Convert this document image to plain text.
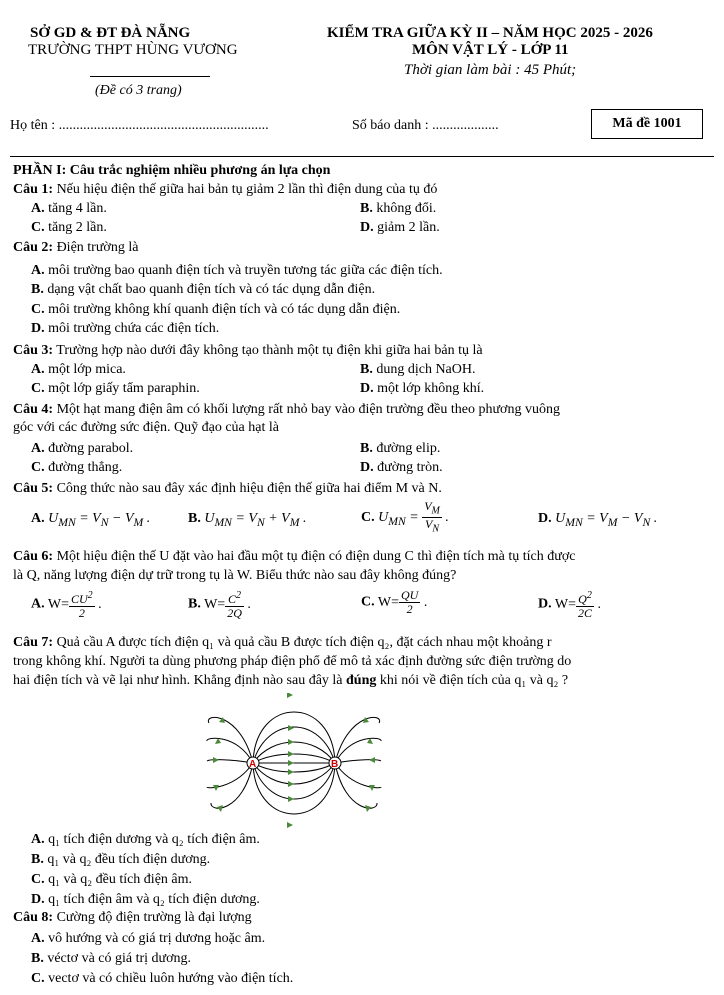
SỞ GD & ĐT ĐÀ NẴNG
TRƯỜNG THPT HÙNG VƯƠNG
(Đề có 3 trang)
KIỂM TRA GIỮA KỲ II – NĂM HỌC 2025 - 2026
MÔN VẬT LÝ - LỚP 11
Thời gian làm bài : 45 Phút;
Họ tên : ............................................................	Số báo danh : ...................	Mã đề 1001
PHẦN I: Câu trắc nghiệm nhiều phương án lựa chọn
Câu 1: Nếu hiệu điện thế giữa hai bản tụ giảm 2 lần thì điện dung của tụ đó
A. tăng 4 lần.	B. không đổi.
C. tăng 2 lần.	D. giảm 2 lần.
Câu 2: Điện trường là
A. môi trường bao quanh điện tích và truyền tương tác giữa các điện tích.
B. dạng vật chất bao quanh điện tích và có tác dụng dẫn điện.
C. môi trường không khí quanh điện tích và có tác dụng dẫn điện.
D. môi trường chứa các điện tích.
Câu 3: Trường hợp nào dưới đây không tạo thành một tụ điện khi giữa hai bản tụ là
A. một lớp mica.	B. dung dịch NaOH.
C. một lớp giấy tẩm paraphin.	D. một lớp không khí.
Câu 4: Một hạt mang điện âm có khối lượng rất nhỏ bay vào điện trường đều theo phương vuông
góc với các đường sức điện. Quỹ đạo của hạt là
A. đường parabol.	B. đường elip.
C. đường thẳng.	D. đường tròn.
Câu 5: Công thức nào sau đây xác định hiệu điện thế giữa hai điểm M và N.
A. $U_{MN} = V_N - V_M$ .	B. $U_{MN} = V_N + V_M$ .	C. $U_{MN} = \frac{V_M}{V_N}$ .	D. $U_{MN} = V_M - V_N$ .
Câu 6: Một hiệu điện thế U đặt vào hai đầu một tụ điện có điện dung C thì điện tích mà tụ tích được
là Q, năng lượng điện dự trữ trong tụ là W. Biểu thức nào sau đây không đúng?
A. $W= \frac{CU^2}{2}$ .	B. $W= \frac{C^2}{2Q}$ .	C. $W= \frac{QU}{2}$ .	D. $W= \frac{Q^2}{2C}$ .
Câu 7: Quả cầu A được tích điện q₁ và quả cầu B được tích điện q₂, đặt cách nhau một khoảng r
trong không khí. Người ta dùng phương pháp điện phổ để mô tả xác định đường sức điện trường do
hai điện tích và vẽ lại như hình. Khẳng định nào sau đây là đúng khi nói về điện tích của q₁ và q₂ ?
A	B
A. q₁ tích điện dương và q₂ tích điện âm.
B. q₁ và q₂ đều tích điện dương.
C. q₁ và q₂ đều tích điện âm.
D. q₁ tích điện âm và q₂ tích điện dương.
Câu 8: Cường độ điện trường là đại lượng
A. vô hướng và có giá trị dương hoặc âm.
B. véctơ và có giá trị dương.
C. vectơ và có chiều luôn hướng vào điện tích.
